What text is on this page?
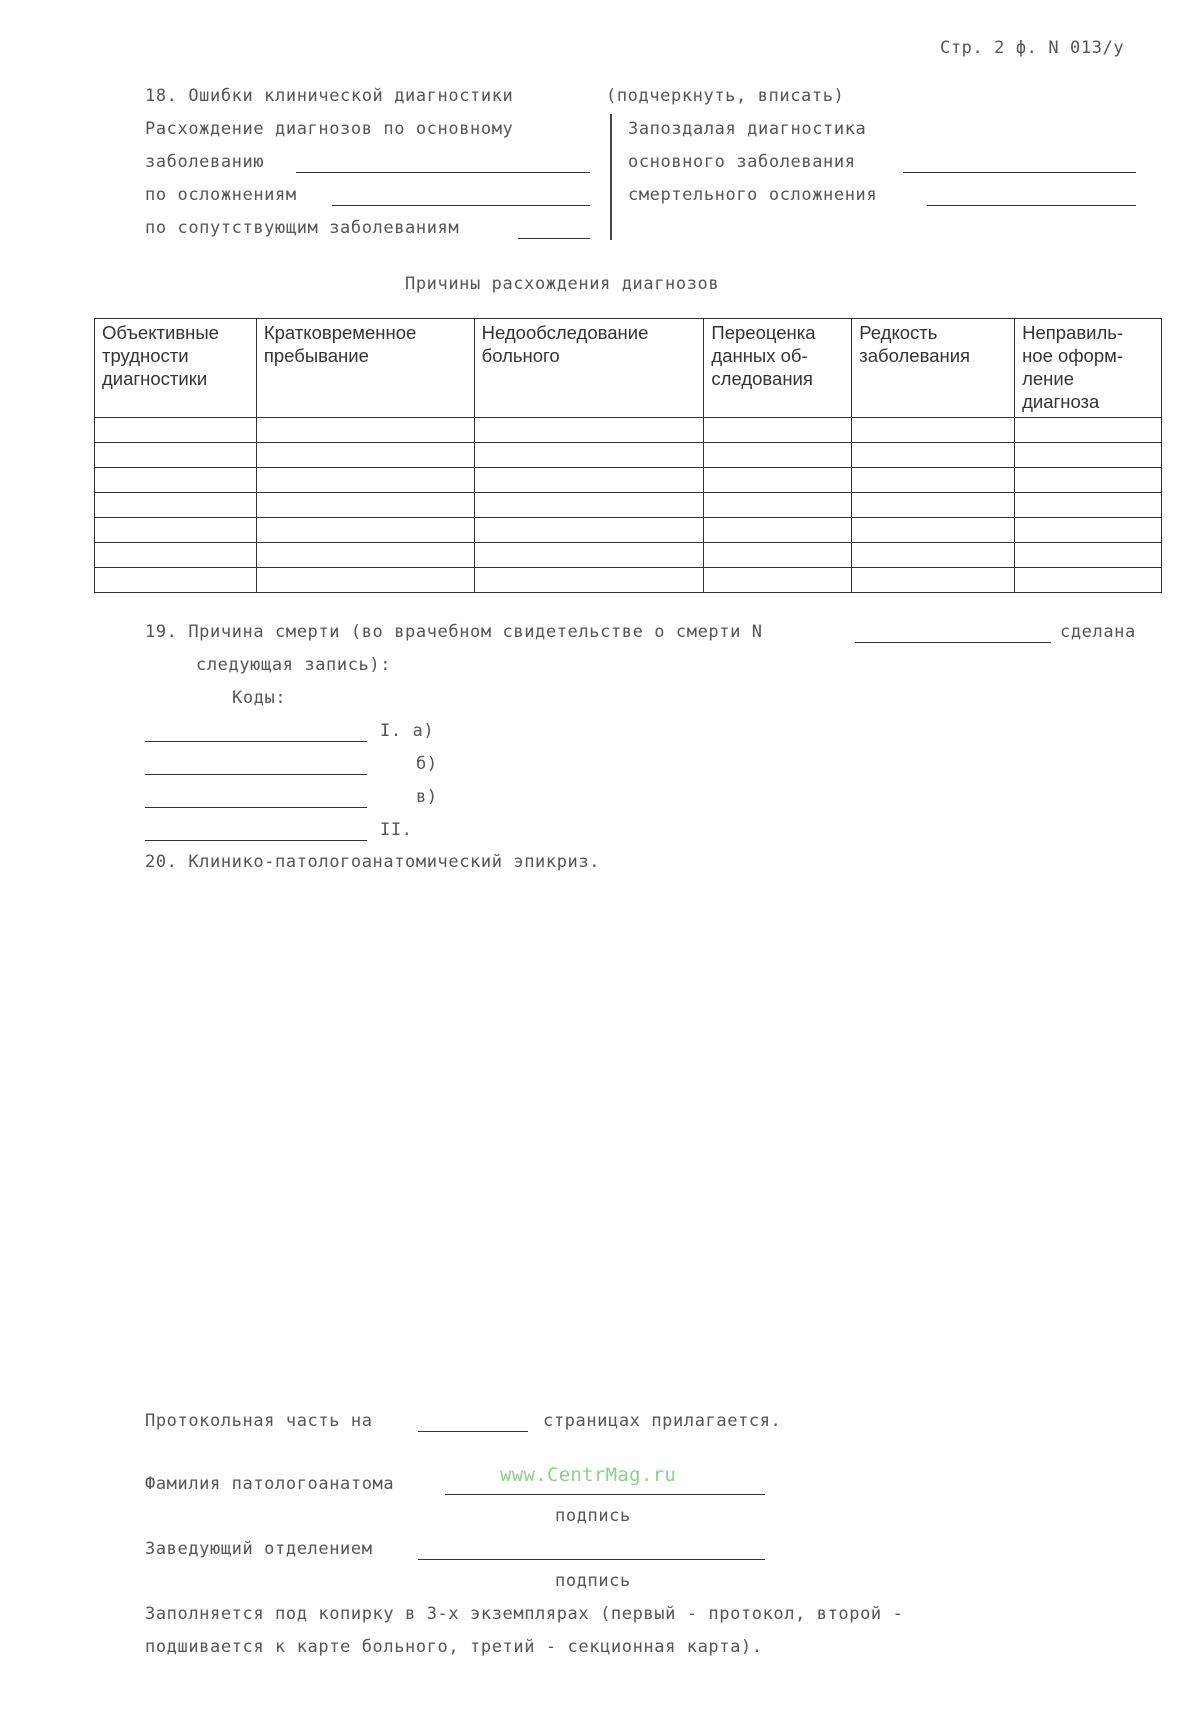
Стр. 2 ф. N 013/у
18. Ошибки клинической диагностики	(подчеркнуть, вписать)
Расхождение диагнозов по основному
заболеванию
по осложнениям
по сопутствующим заболеваниям
Запоздалая диагностика
основного заболевания
смертельного осложнения
Причины расхождения диагнозов
Объективные трудности диагностики	Кратковременное пребывание	Недообследование больного	Переоценка данных об- следования	Редкость заболевания	Неправиль- ное оформ- ление диагноза

19. Причина смерти (во врачебном свидетельстве о смерти N	сделана
следующая запись):
Коды:
I. а)
б)
в)
II.
20. Клинико-патологоанатомический эпикриз.
Протокольная часть на	страницах прилагается.
Фамилия патологоанатома	www.CentrMag.ru
подпись
Заведующий отделением
подпись
Заполняется под копирку в 3-х экземплярах (первый - протокол, второй -
подшивается к карте больного, третий - секционная карта).
